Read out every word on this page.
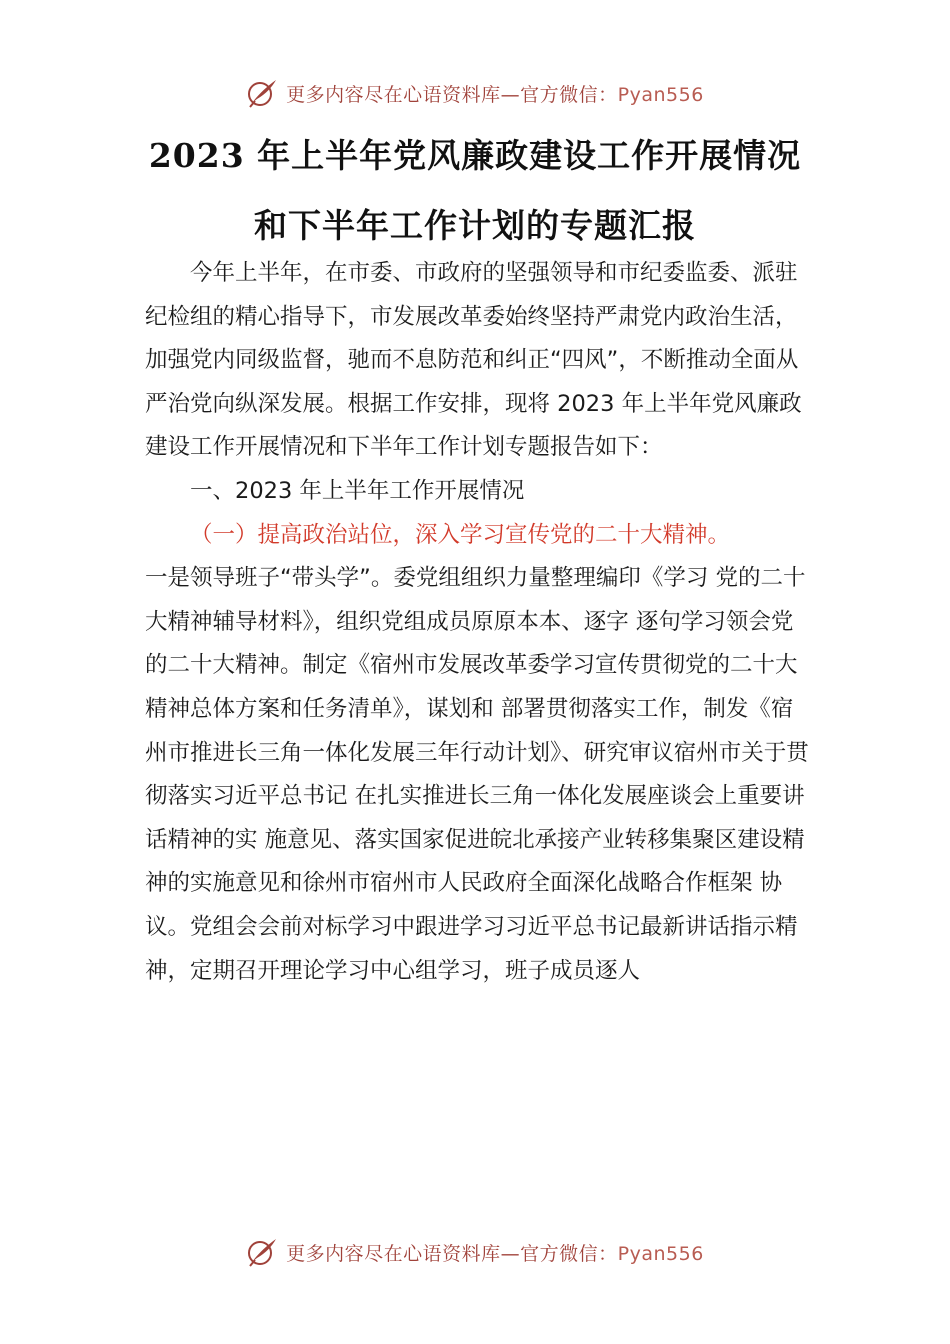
更多内容尽在心语资料库—官方微信：Pyan556
2023 年上半年党风廉政建设工作开展情况
和下半年工作计划的专题汇报

今年上半年，在市委、市政府的坚强领导和市纪委监委、派驻纪检组的精心指导下，市发展改革委始终坚持严肃党内政治生活，加强党内同级监督，驰而不息防范和纠正“四风”，不断推动全面从严治党向纵深发展。根据工作安排，现将 2023 年上半年党风廉政建设工作开展情况和下半年工作计划专题报告如下：

一、2023 年上半年工作开展情况

（一）提高政治站位，深入学习宣传党的二十大精神。

一是领导班子“带头学”。委党组组织力量整理编印《学习 党的二十大精神辅导材料》，组织党组成员原原本本、逐字 逐句学习领会党的二十大精神。制定《宿州市发展改革委学习宣传贯彻党的二十大精神总体方案和任务清单》，谋划和 部署贯彻落实工作，制发《宿州市推进长三角一体化发展三年行动计划》、研究审议宿州市关于贯彻落实习近平总书记 在扎实推进长三角一体化发展座谈会上重要讲话精神的实 施意见、落实国家促进皖北承接产业转移集聚区建设精神的实施意见和徐州市宿州市人民政府全面深化战略合作框架 协议。党组会会前对标学习中跟进学习习近平总书记最新讲话指示精神，定期召开理论学习中心组学习，班子成员逐人

更多内容尽在心语资料库—官方微信：Pyan556
